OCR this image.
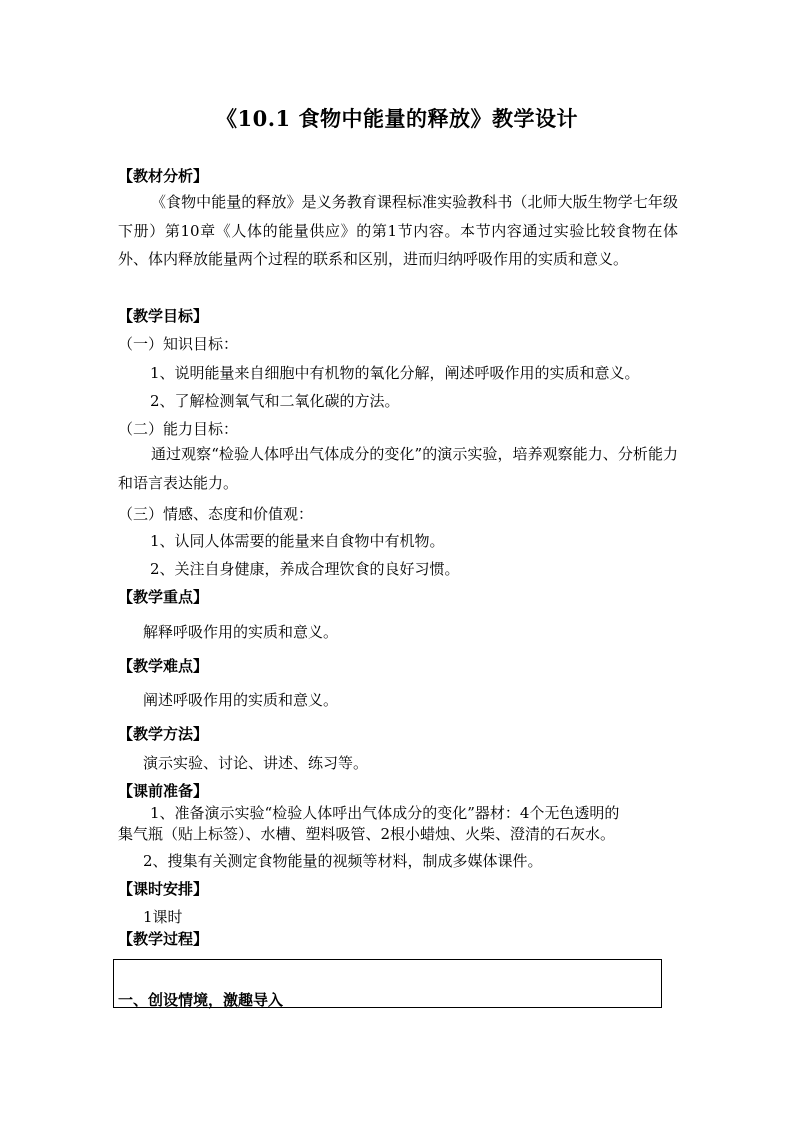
《10.1 食物中能量的释放》教学设计
【教材分析】
《食物中能量的释放》是义务教育课程标准实验教科书（北师大版生物学七年级下册）第10章《人体的能量供应》的第1节内容。本节内容通过实验比较食物在体外、体内释放能量两个过程的联系和区别，进而归纳呼吸作用的实质和意义。
【教学目标】
（一）知识目标：
1、说明能量来自细胞中有机物的氧化分解，阐述呼吸作用的实质和意义。
2、了解检测氧气和二氧化碳的方法。
（二）能力目标：
通过观察“检验人体呼出气体成分的变化”的演示实验，培养观察能力、分析能力和语言表达能力。
（三）情感、态度和价值观：
1、认同人体需要的能量来自食物中有机物。
2、关注自身健康，养成合理饮食的良好习惯。
【教学重点】
解释呼吸作用的实质和意义。
【教学难点】
阐述呼吸作用的实质和意义。
【教学方法】
演示实验、讨论、讲述、练习等。
【课前准备】
1、准备演示实验“检验人体呼出气体成分的变化”器材：4个无色透明的
集气瓶（贴上标签）、水槽、塑料吸管、2根小蜡烛、火柴、澄清的石灰水。
2、搜集有关测定食物能量的视频等材料，制成多媒体课件。
【课时安排】
1课时
【教学过程】
一、创设情境，激趣导入
